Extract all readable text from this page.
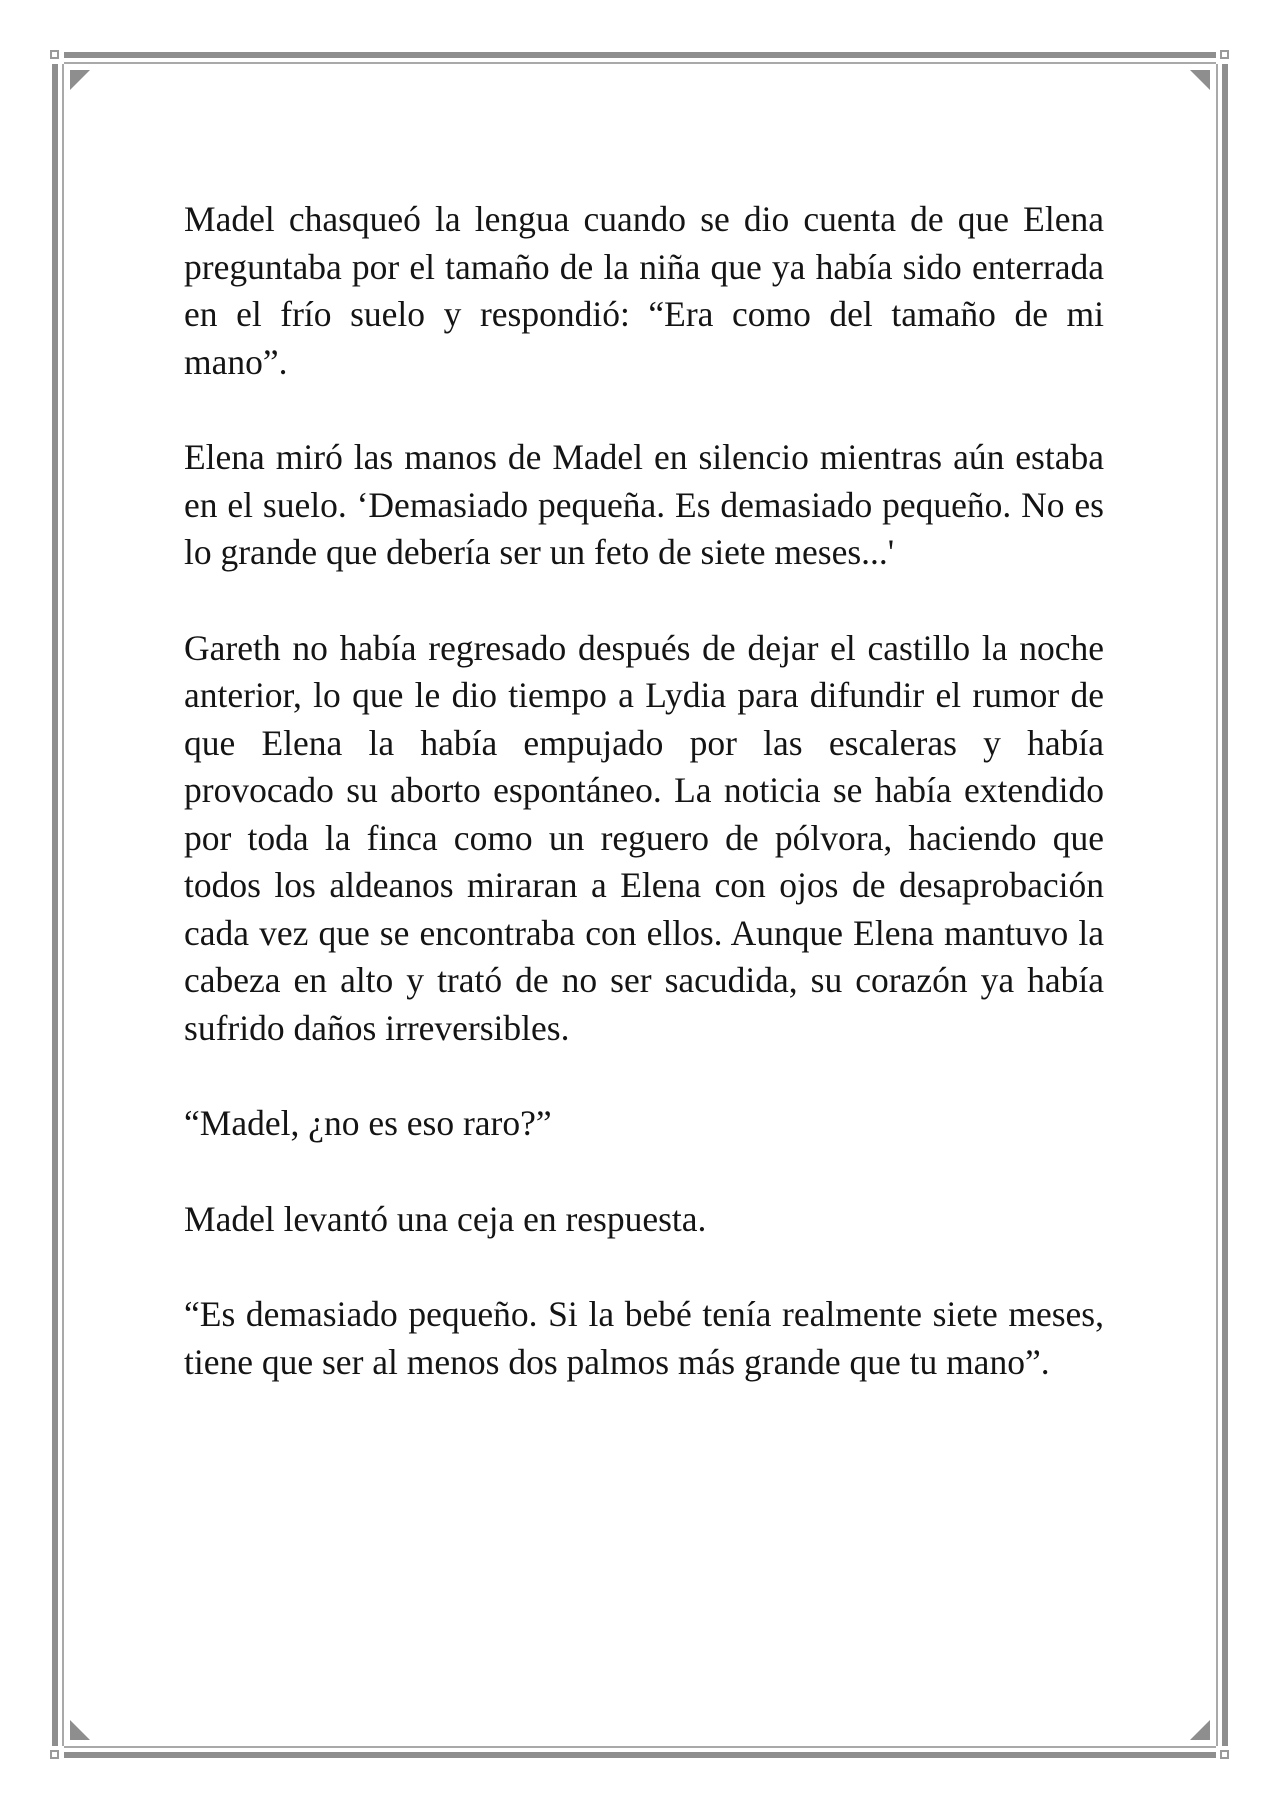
Madel chasqueó la lengua cuando se dio cuenta de que Elena preguntaba por el tamaño de la niña que ya había sido enterrada en el frío suelo y respondió: “Era como del tamaño de mi mano”.

Elena miró las manos de Madel en silencio mientras aún estaba en el suelo. ‘Demasiado pequeña. Es demasiado pequeño. No es lo grande que debería ser un feto de siete meses...'

Gareth no había regresado después de dejar el castillo la noche anterior, lo que le dio tiempo a Lydia para difundir el rumor de que Elena la había empujado por las escaleras y había provocado su aborto espontáneo. La noticia se había extendido por toda la finca como un reguero de pólvora, haciendo que todos los aldeanos miraran a Elena con ojos de desaprobación cada vez que se encontraba con ellos. Aunque Elena mantuvo la cabeza en alto y trató de no ser sacudida, su corazón ya había sufrido daños irreversibles.

“Madel, ¿no es eso raro?”

Madel levantó una ceja en respuesta.

“Es demasiado pequeño. Si la bebé tenía realmente siete meses, tiene que ser al menos dos palmos más grande que tu mano”.
